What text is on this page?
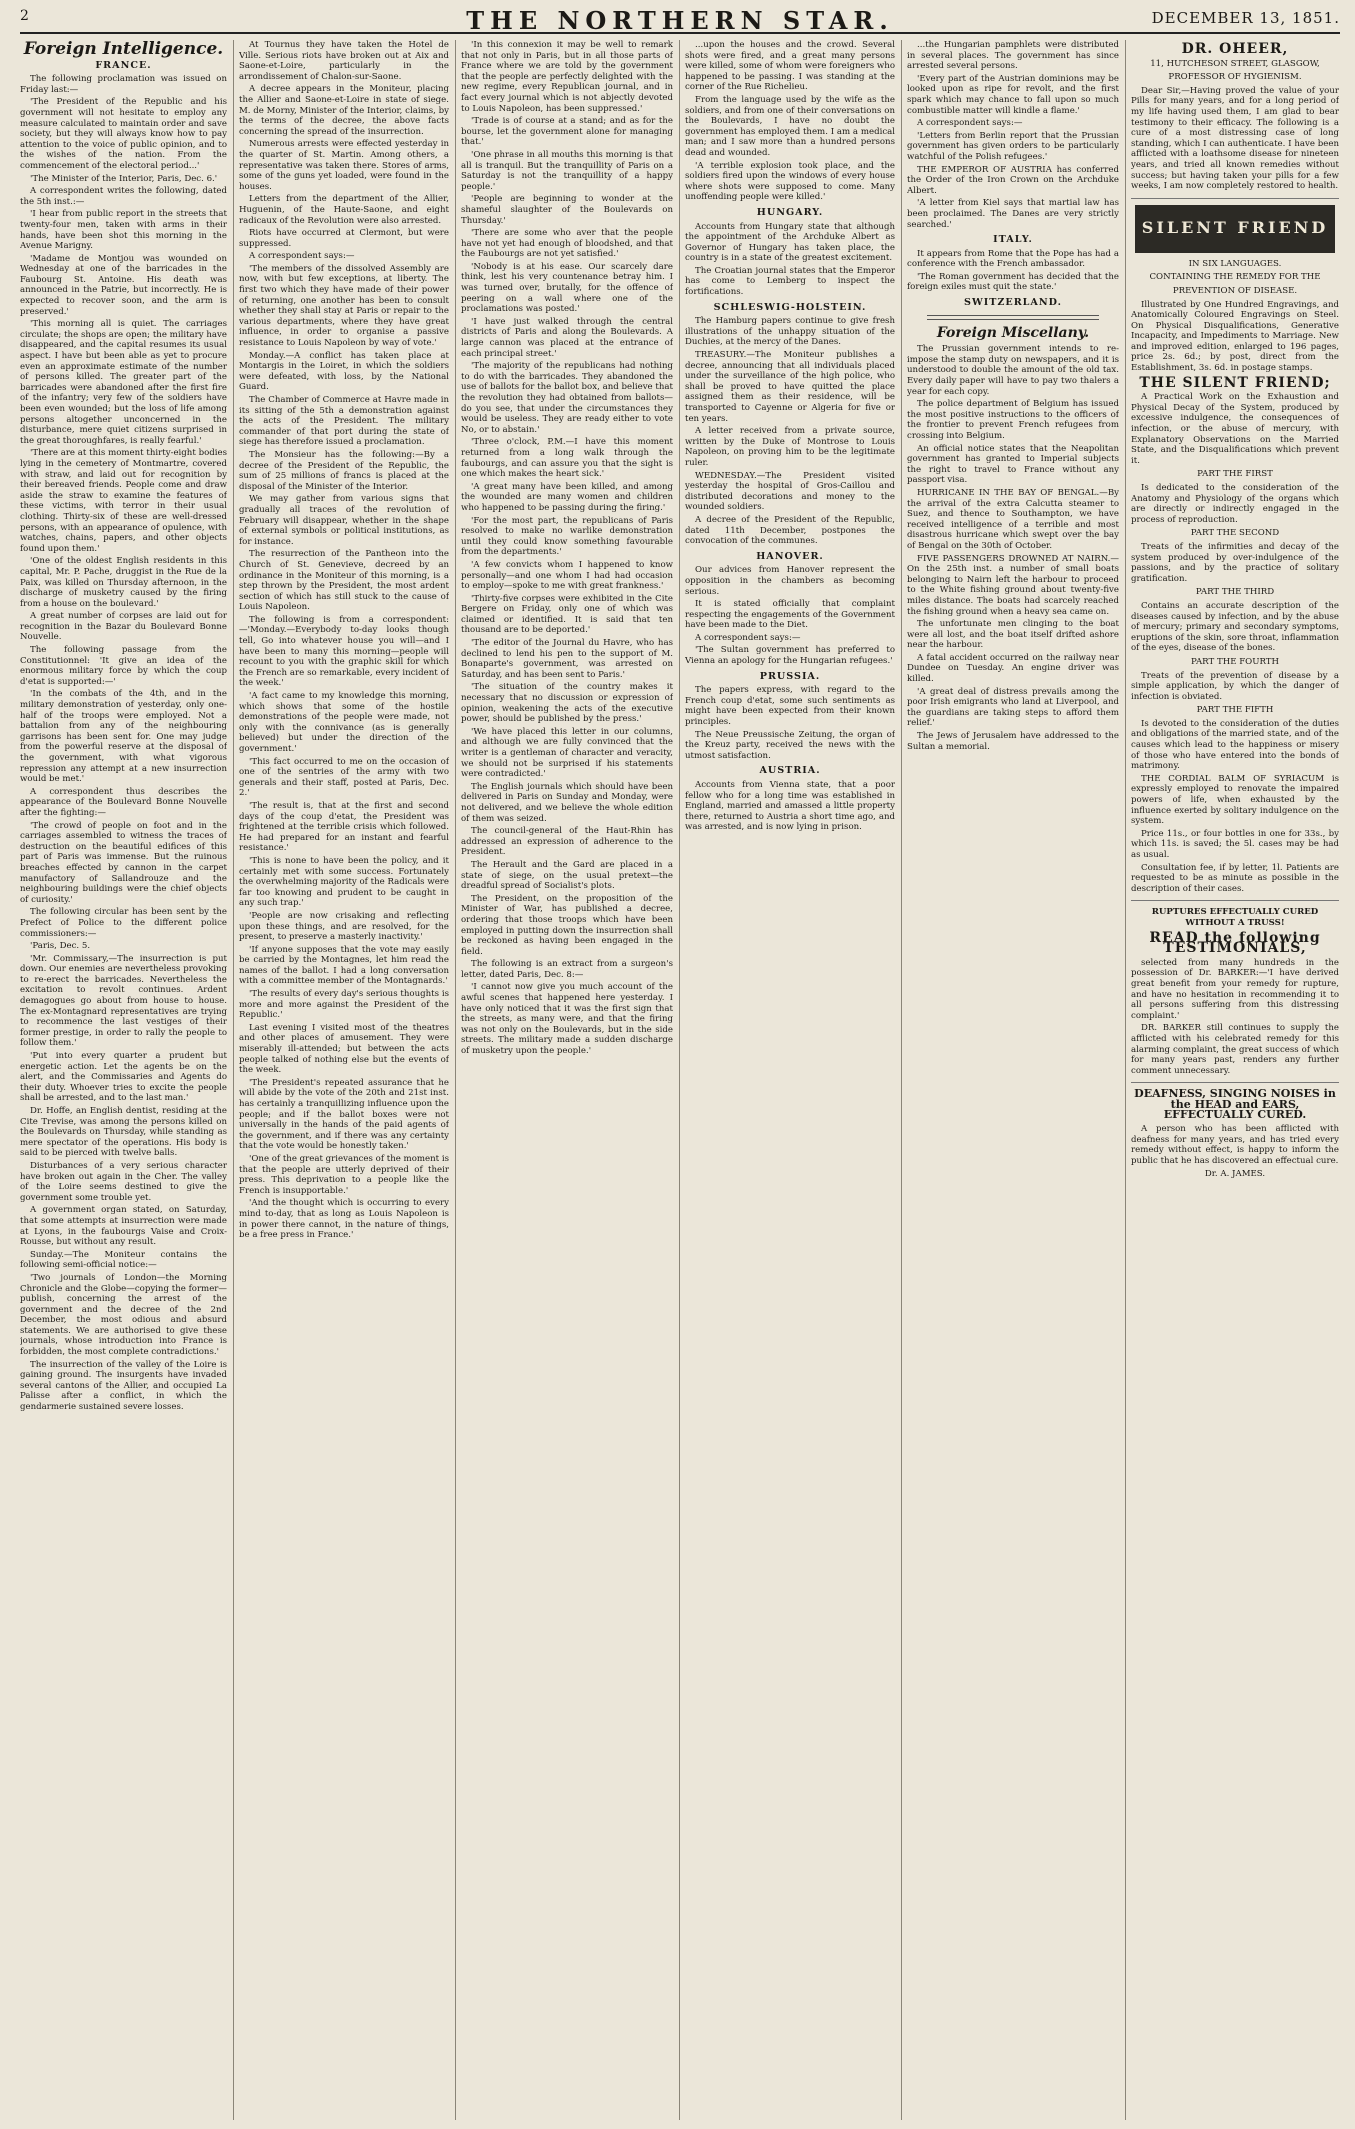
2	THE NORTHERN STAR.	DECEMBER 13, 1851.
Foreign Intelligence.
FRANCE.

The following proclamation was issued on Friday last:—

'The President of the Republic and his government will not hesitate to employ any measure calculated to maintain order and save society, but they will always know how to pay attention to the voice of public opinion, and to the wishes of the nation. From the commencement of the electoral period...'

'The Minister of the Interior, Paris, Dec. 6.'

A correspondent writes the following, dated the 5th inst.:—

'I hear from public report in the streets that twenty-four men, taken with arms in their hands, have been shot this morning in the Avenue Marigny.

'Madame de Montjou was wounded on Wednesday at one of the barricades in the Faubourg St. Antoine. His death was announced in the Patrie, but incorrectly. He is expected to recover soon, and the arm is preserved.'

'This morning all is quiet. The carriages circulate; the shops are open; the military have disappeared, and the capital resumes its usual aspect. I have but been able as yet to procure even an approximate estimate of the number of persons killed. The greater part of the barricades were abandoned after the first fire of the infantry; very few of the soldiers have been even wounded; but the loss of life among persons altogether unconcerned in the disturbance, mere quiet citizens surprised in the great thoroughfares, is really fearful.'

'There are at this moment thirty-eight bodies lying in the cemetery of Montmartre, covered with straw, and laid out for recognition by their bereaved friends. People come and draw aside the straw to examine the features of these victims, with terror in their usual clothing. Thirty-six of these are well-dressed persons, with an appearance of opulence, with watches, chains, papers, and other objects found upon them.'

'One of the oldest English residents in this capital, Mr. P. Pache, druggist in the Rue de la Paix, was killed on Thursday afternoon, in the discharge of musketry caused by the firing from a house on the boulevard.'

A great number of corpses are laid out for recognition in the Bazar du Boulevard Bonne Nouvelle.

The following passage from the Constitutionnel: 'It give an idea of the enormous military force by which the coup d'etat is supported:—'

'In the combats of the 4th, and in the military demonstration of yesterday, only one-half of the troops were employed. Not a battalion from any of the neighbouring garrisons has been sent for. One may judge from the powerful reserve at the disposal of the government, with what vigorous repression any attempt at a new insurrection would be met.'

A correspondent thus describes the appearance of the Boulevard Bonne Nouvelle after the fighting:—

'The crowd of people on foot and in the carriages assembled to witness the traces of destruction on the beautiful edifices of this part of Paris was immense. But the ruinous breaches effected by cannon in the carpet manufactory of Sallandrouze and the neighbouring buildings were the chief objects of curiosity.'

The following circular has been sent by the Prefect of Police to the different police commissioners:—

'Paris, Dec. 5.

'Mr. Commissary,—The insurrection is put down. Our enemies are nevertheless provoking to re-erect the barricades. Nevertheless the excitation to revolt continues. Ardent demagogues go about from house to house. The ex-Montagnard representatives are trying to recommence the last vestiges of their former prestige, in order to rally the people to follow them.'

'Put into every quarter a prudent but energetic action. Let the agents be on the alert, and the Commissaries and Agents do their duty. Whoever tries to excite the people shall be arrested, and to the last man.'

Dr. Hoffe, an English dentist, residing at the Cite Trevise, was among the persons killed on the Boulevards on Thursday, while standing as mere spectator of the operations. His body is said to be pierced with twelve balls.

Disturbances of a very serious character have broken out again in the Cher. The valley of the Loire seems destined to give the government some trouble yet.

A government organ stated, on Saturday, that some attempts at insurrection were made at Lyons, in the faubourgs Vaise and Croix-Rousse, but without any result.

Sunday.—The Moniteur contains the following semi-official notice:—

'Two journals of London—the Morning Chronicle and the Globe—copying the former—publish, concerning the arrest of the government and the decree of the 2nd December, the most odious and absurd statements. We are authorised to give these journals, whose introduction into France is forbidden, the most complete contradictions.'

The insurrection of the valley of the Loire is gaining ground. The insurgents have invaded several cantons of the Allier, and occupied La Palisse after a conflict, in which the gendarmerie sustained severe losses.

At Tournus they have taken the Hotel de Ville. Serious riots have broken out at Aix and Saone-et-Loire, particularly in the arrondissement of Chalon-sur-Saone.

A decree appears in the Moniteur, placing the Allier and Saone-et-Loire in state of siege. M. de Morny, Minister of the Interior, claims, by the terms of the decree, the above facts concerning the spread of the insurrection.

Numerous arrests were effected yesterday in the quarter of St. Martin. Among others, a representative was taken there. Stores of arms, some of the guns yet loaded, were found in the houses.

Letters from the department of the Allier, Huguenin, of the Haute-Saone, and eight radicaux of the Revolution were also arrested.

Riots have occurred at Clermont, but were suppressed.

A correspondent says:—

'The members of the dissolved Assembly are now, with but few exceptions, at liberty. The first two which they have made of their power of returning, one another has been to consult whether they shall stay at Paris or repair to the various departments, where they have great influence, in order to organise a passive resistance to Louis Napoleon by way of vote.'

Monday.—A conflict has taken place at Montargis in the Loiret, in which the soldiers were defeated, with loss, by the National Guard.

The Chamber of Commerce at Havre made in its sitting of the 5th a demonstration against the acts of the President. The military commander of that port during the state of siege has therefore issued a proclamation.

The Monsieur has the following:—By a decree of the President of the Republic, the sum of 25 millions of francs is placed at the disposal of the Minister of the Interior.

We may gather from various signs that gradually all traces of the revolution of February will disappear, whether in the shape of external symbols or political institutions, as for instance.

The resurrection of the Pantheon into the Church of St. Genevieve, decreed by an ordinance in the Moniteur of this morning, is a step thrown by the President, the most ardent section of which has still stuck to the cause of Louis Napoleon.

The following is from a correspondent:—'Monday.—Everybody to-day looks though tell, Go into whatever house you will—and I have been to many this morning—people will recount to you with the graphic skill for which the French are so remarkable, every incident of the week.'

'A fact came to my knowledge this morning, which shows that some of the hostile demonstrations of the people were made, not only with the connivance (as is generally believed) but under the direction of the government.'

'This fact occurred to me on the occasion of one of the sentries of the army with two generals and their staff, posted at Paris, Dec. 2.'

'The result is, that at the first and second days of the coup d'etat, the President was frightened at the terrible crisis which followed. He had prepared for an instant and fearful resistance.'

'This is none to have been the policy, and it certainly met with some success. Fortunately the overwhelming majority of the Radicals were far too knowing and prudent to be caught in any such trap.'

'People are now crisaking and reflecting upon these things, and are resolved, for the present, to preserve a masterly inactivity.'

'If anyone supposes that the vote may easily be carried by the Montagnes, let him read the names of the ballot. I had a long conversation with a committee member of the Montagnards.'

'The results of every day's serious thoughts is more and more against the President of the Republic.'

Last evening I visited most of the theatres and other places of amusement. They were miserably ill-attended; but between the acts people talked of nothing else but the events of the week.

'The President's repeated assurance that he will abide by the vote of the 20th and 21st inst. has certainly a tranquillizing influence upon the people; and if the ballot boxes were not universally in the hands of the paid agents of the government, and if there was any certainty that the vote would be honestly taken.'

'One of the great grievances of the moment is that the people are utterly deprived of their press. This deprivation to a people like the French is insupportable.'

'And the thought which is occurring to every mind to-day, that as long as Louis Napoleon is in power there cannot, in the nature of things, be a free press in France.'

'In this connexion it may be well to remark that not only in Paris, but in all those parts of France where we are told by the government that the people are perfectly delighted with the new regime, every Republican journal, and in fact every journal which is not abjectly devoted to Louis Napoleon, has been suppressed.'

'Trade is of course at a stand; and as for the bourse, let the government alone for managing that.'

'One phrase in all mouths this morning is that all is tranquil. But the tranquillity of Paris on a Saturday is not the tranquillity of a happy people.'

'People are beginning to wonder at the shameful slaughter of the Boulevards on Thursday.'

'There are some who aver that the people have not yet had enough of bloodshed, and that the Faubourgs are not yet satisfied.'

'Nobody is at his ease. Our scarcely dare think, lest his very countenance betray him. I was turned over, brutally, for the offence of peering on a wall where one of the proclamations was posted.'

'I have just walked through the central districts of Paris and along the Boulevards. A large cannon was placed at the entrance of each principal street.'

'The majority of the republicans had nothing to do with the barricades. They abandoned the use of ballots for the ballot box, and believe that the revolution they had obtained from ballots—do you see, that under the circumstances they would be useless. They are ready either to vote No, or to abstain.'

'Three o'clock, P.M.—I have this moment returned from a long walk through the faubourgs, and can assure you that the sight is one which makes the heart sick.'

'A great many have been killed, and among the wounded are many women and children who happened to be passing during the firing.'

'For the most part, the republicans of Paris resolved to make no warlike demonstration until they could know something favourable from the departments.'

'A few convicts whom I happened to know personally—and one whom I had had occasion to employ—spoke to me with great frankness.'

'Thirty-five corpses were exhibited in the Cite Bergere on Friday, only one of which was claimed or identified. It is said that ten thousand are to be deported.'

'The editor of the Journal du Havre, who has declined to lend his pen to the support of M. Bonaparte's government, was arrested on Saturday, and has been sent to Paris.'

'The situation of the country makes it necessary that no discussion or expression of opinion, weakening the acts of the executive power, should be published by the press.'

'We have placed this letter in our columns, and although we are fully convinced that the writer is a gentleman of character and veracity, we should not be surprised if his statements were contradicted.'

The English journals which should have been delivered in Paris on Sunday and Monday, were not delivered, and we believe the whole edition of them was seized.

The council-general of the Haut-Rhin has addressed an expression of adherence to the President.

The Herault and the Gard are placed in a state of siege, on the usual pretext—the dreadful spread of Socialist's plots.

The President, on the proposition of the Minister of War, has published a decree, ordering that those troops which have been employed in putting down the insurrection shall be reckoned as having been engaged in the field.

The following is an extract from a surgeon's letter, dated Paris, Dec. 8:—

'I cannot now give you much account of the awful scenes that happened here yesterday. I have only noticed that it was the first sign that the streets, as many were, and that the firing was not only on the Boulevards, but in the side streets. The military made a sudden discharge of musketry upon the people.'

...upon the houses and the crowd. Several shots were fired, and a great many persons were killed, some of whom were foreigners who happened to be passing. I was standing at the corner of the Rue Richelieu.

From the language used by the wife as the soldiers, and from one of their conversations on the Boulevards, I have no doubt the government has employed them. I am a medical man; and I saw more than a hundred persons dead and wounded.

'A terrible explosion took place, and the soldiers fired upon the windows of every house where shots were supposed to come. Many unoffending people were killed.'

HUNGARY.

Accounts from Hungary state that although the appointment of the Archduke Albert as Governor of Hungary has taken place, the country is in a state of the greatest excitement.

The Croatian journal states that the Emperor has come to Lemberg to inspect the fortifications.

SCHLESWIG-HOLSTEIN.

The Hamburg papers continue to give fresh illustrations of the unhappy situation of the Duchies, at the mercy of the Danes.

TREASURY.—The Moniteur publishes a decree, announcing that all individuals placed under the surveillance of the high police, who shall be proved to have quitted the place assigned them as their residence, will be transported to Cayenne or Algeria for five or ten years.

A letter received from a private source, written by the Duke of Montrose to Louis Napoleon, on proving him to be the legitimate ruler.

WEDNESDAY.—The President visited yesterday the hospital of Gros-Caillou and distributed decorations and money to the wounded soldiers.

A decree of the President of the Republic, dated 11th December, postpones the convocation of the communes.

HANOVER.

Our advices from Hanover represent the opposition in the chambers as becoming serious.

It is stated officially that complaint respecting the engagements of the Government have been made to the Diet.

A correspondent says:—

'The Sultan government has preferred to Vienna an apology for the Hungarian refugees.'

PRUSSIA.

The papers express, with regard to the French coup d'etat, some such sentiments as might have been expected from their known principles.

The Neue Preussische Zeitung, the organ of the Kreuz party, received the news with the utmost satisfaction.

AUSTRIA.

Accounts from Vienna state, that a poor fellow who for a long time was established in England, married and amassed a little property there, returned to Austria a short time ago, and was arrested, and is now lying in prison.

...the Hungarian pamphlets were distributed in several places. The government has since arrested several persons.

'Every part of the Austrian dominions may be looked upon as ripe for revolt, and the first spark which may chance to fall upon so much combustible matter will kindle a flame.'

A correspondent says:—

'Letters from Berlin report that the Prussian government has given orders to be particularly watchful of the Polish refugees.'

THE EMPEROR OF AUSTRIA has conferred the Order of the Iron Crown on the Archduke Albert.

'A letter from Kiel says that martial law has been proclaimed. The Danes are very strictly searched.'

ITALY.

It appears from Rome that the Pope has had a conference with the French ambassador.

'The Roman government has decided that the foreign exiles must quit the state.'

SWITZERLAND.
Foreign Miscellany.

The Prussian government intends to re-impose the stamp duty on newspapers, and it is understood to double the amount of the old tax. Every daily paper will have to pay two thalers a year for each copy.

The police department of Belgium has issued the most positive instructions to the officers of the frontier to prevent French refugees from crossing into Belgium.

An official notice states that the Neapolitan government has granted to Imperial subjects the right to travel to France without any passport visa.

HURRICANE IN THE BAY OF BENGAL.—By the arrival of the extra Calcutta steamer to Suez, and thence to Southampton, we have received intelligence of a terrible and most disastrous hurricane which swept over the bay of Bengal on the 30th of October.

FIVE PASSENGERS DROWNED AT NAIRN.—On the 25th inst. a number of small boats belonging to Nairn left the harbour to proceed to the White fishing ground about twenty-five miles distance. The boats had scarcely reached the fishing ground when a heavy sea came on.

The unfortunate men clinging to the boat were all lost, and the boat itself drifted ashore near the harbour.

A fatal accident occurred on the railway near Dundee on Tuesday. An engine driver was killed.

'A great deal of distress prevails among the poor Irish emigrants who land at Liverpool, and the guardians are taking steps to afford them relief.'

The Jews of Jerusalem have addressed to the Sultan a memorial.

DR. OHEER,
11, HUTCHESON STREET, GLASGOW,
PROFESSOR OF HYGIENISM.

Dear Sir,—Having proved the value of your Pills for many years, and for a long period of my life having used them, I am glad to bear testimony to their efficacy. The following is a cure of a most distressing case of long standing, which I can authenticate. I have been afflicted with a loathsome disease for nineteen years, and tried all known remedies without success; but having taken your pills for a few weeks, I am now completely restored to health.

SILENT FRIEND
IN SIX LANGUAGES.
CONTAINING THE REMEDY FOR THE
PREVENTION OF DISEASE.

Illustrated by One Hundred Engravings, and Anatomically Coloured Engravings on Steel. On Physical Disqualifications, Generative Incapacity, and Impediments to Marriage. New and improved edition, enlarged to 196 pages, price 2s. 6d.; by post, direct from the Establishment, 3s. 6d. in postage stamps.

THE SILENT FRIEND;

A Practical Work on the Exhaustion and Physical Decay of the System, produced by excessive indulgence, the consequences of infection, or the abuse of mercury, with Explanatory Observations on the Married State, and the Disqualifications which prevent it.

PART THE FIRST

Is dedicated to the consideration of the Anatomy and Physiology of the organs which are directly or indirectly engaged in the process of reproduction.

PART THE SECOND

Treats of the infirmities and decay of the system produced by over-indulgence of the passions, and by the practice of solitary gratification.

PART THE THIRD

Contains an accurate description of the diseases caused by infection, and by the abuse of mercury; primary and secondary symptoms, eruptions of the skin, sore throat, inflammation of the eyes, disease of the bones.

PART THE FOURTH

Treats of the prevention of disease by a simple application, by which the danger of infection is obviated.

PART THE FIFTH

Is devoted to the consideration of the duties and obligations of the married state, and of the causes which lead to the happiness or misery of those who have entered into the bonds of matrimony.

THE CORDIAL BALM OF SYRIACUM is expressly employed to renovate the impaired powers of life, when exhausted by the influence exerted by solitary indulgence on the system.

Price 11s., or four bottles in one for 33s., by which 11s. is saved; the 5l. cases may be had as usual.

Consultation fee, if by letter, 1l. Patients are requested to be as minute as possible in the description of their cases.

RUPTURES EFFECTUALLY CURED WITHOUT A TRUSS!
READ the following TESTIMONIALS,

selected from many hundreds in the possession of Dr. BARKER:—'I have derived great benefit from your remedy for rupture, and have no hesitation in recommending it to all persons suffering from this distressing complaint.'

DR. BARKER still continues to supply the afflicted with his celebrated remedy for this alarming complaint, the great success of which for many years past, renders any further comment unnecessary.

DEAFNESS, SINGING NOISES in the HEAD and EARS, EFFECTUALLY CURED.

A person who has been afflicted with deafness for many years, and has tried every remedy without effect, is happy to inform the public that he has discovered an effectual cure.

Dr. A. JAMES.
